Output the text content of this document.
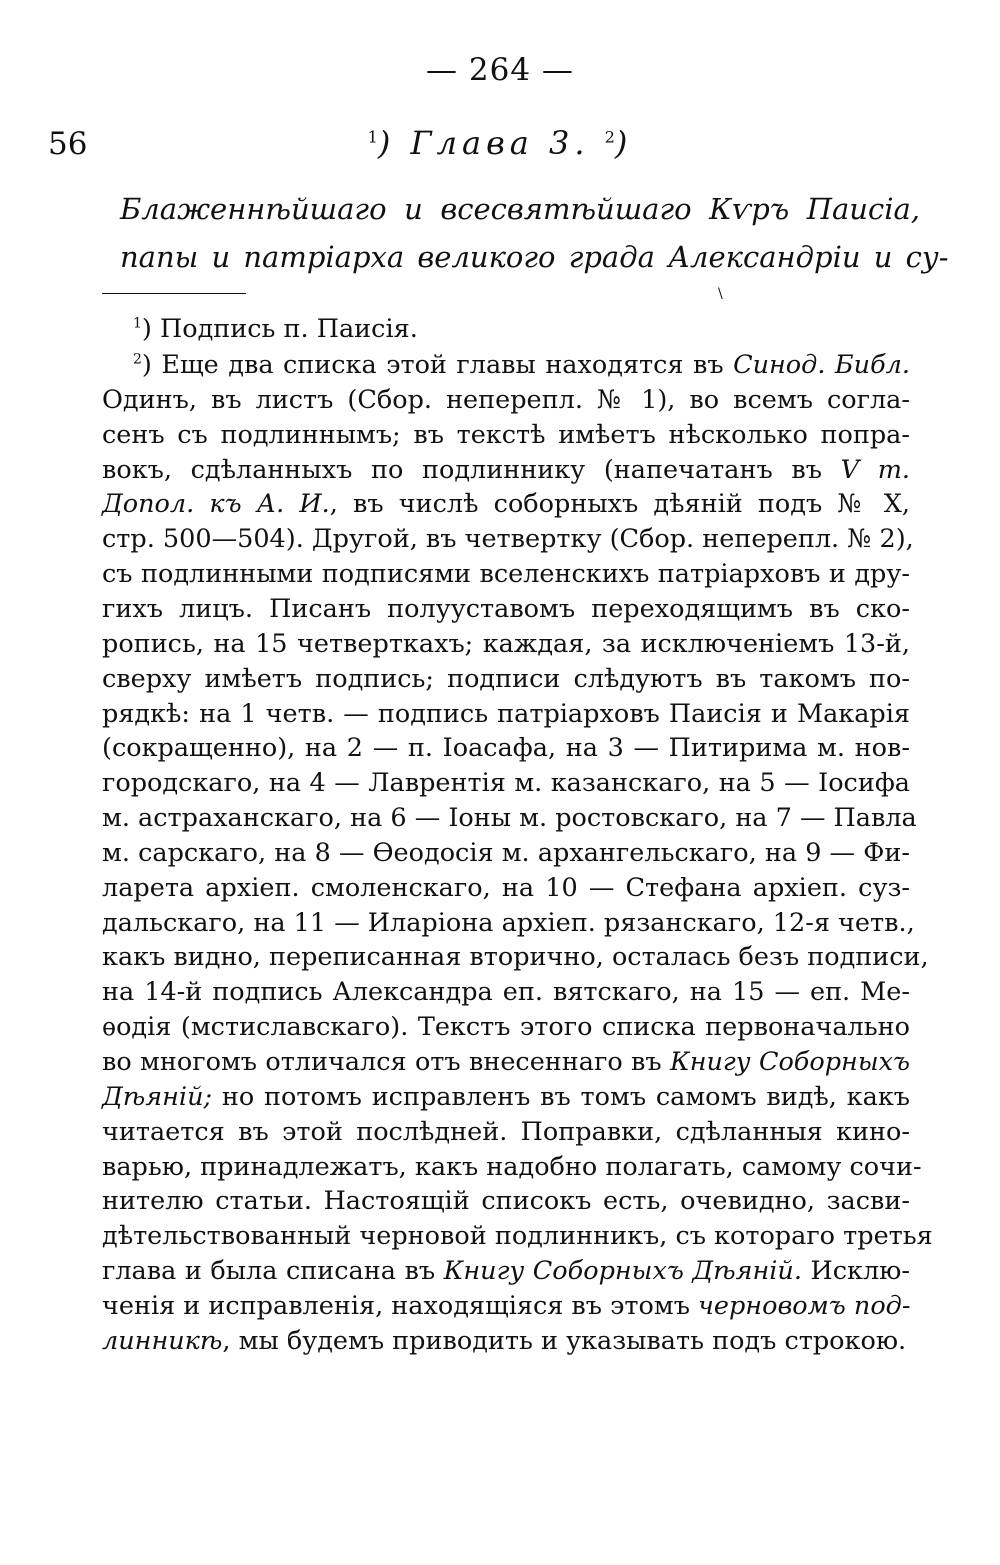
— 264 —
56	$^1$) Глава 3. $^2$)
Блаженнѣйшаго и всесвятѣйшаго Кѵръ Паисіа,
папы и патріарха великого града Александріи и су-
\
$^1$) Подпись п. Паисія.
$^2$) Еще два списка этой главы находятся въ Синод. Библ.
Одинъ, въ листъ (Сбор. неперепл. № 1), во всемъ согла-
сенъ съ подлиннымъ; въ текстѣ имѣетъ нѣсколько попра-
вокъ, сдѣланныхъ по подлиннику (напечатанъ въ V т.
Допол. къ А. И., въ числѣ соборныхъ дѣяній подъ № X,
стр. 500—504). Другой, въ четвертку (Сбор. неперепл. № 2),
съ подлинными подписями вселенскихъ патріарховъ и дру-
гихъ лицъ. Писанъ полууставомъ переходящимъ въ ско-
ропись, на 15 четверткахъ; каждая, за исключеніемъ 13-й,
сверху имѣетъ подпись; подписи слѣдуютъ въ такомъ по-
рядкѣ: на 1 четв. — подпись патріарховъ Паисія и Макарія
(сокращенно), на 2 — п. Іоасафа, на 3 — Питирима м. нов-
городскаго, на 4 — Лаврентія м. казанскаго, на 5 — Іосифа
м. астраханскаго, на 6 — Іоны м. ростовскаго, на 7 — Павла
м. сарскаго, на 8 — Ѳеодосія м. архангельскаго, на 9 — Фи-
ларета архіеп. смоленскаго, на 10 — Стефана архіеп. суз-
дальскаго, на 11 — Иларіона архіеп. рязанскаго, 12-я четв.,
какъ видно, переписанная вторично, осталась безъ подписи,
на 14-й подпись Александра еп. вятскаго, на 15 — еп. Ме-
ѳодія (мстиславскаго). Текстъ этого списка первоначально
во многомъ отличался отъ внесеннаго въ Книгу Соборныхъ
Дѣяній; но потомъ исправленъ въ томъ самомъ видѣ, какъ
читается въ этой послѣдней. Поправки, сдѣланныя кино-
варью, принадлежатъ, какъ надобно полагать, самому сочи-
нителю статьи. Настоящій списокъ есть, очевидно, засви-
дѣтельствованный черновой подлинникъ, съ котораго третья
глава и была списана въ Книгу Соборныхъ Дѣяній. Исклю-
ченія и исправленія, находящіяся въ этомъ черновомъ под-
линникѣ, мы будемъ приводить и указывать подъ строкою.
